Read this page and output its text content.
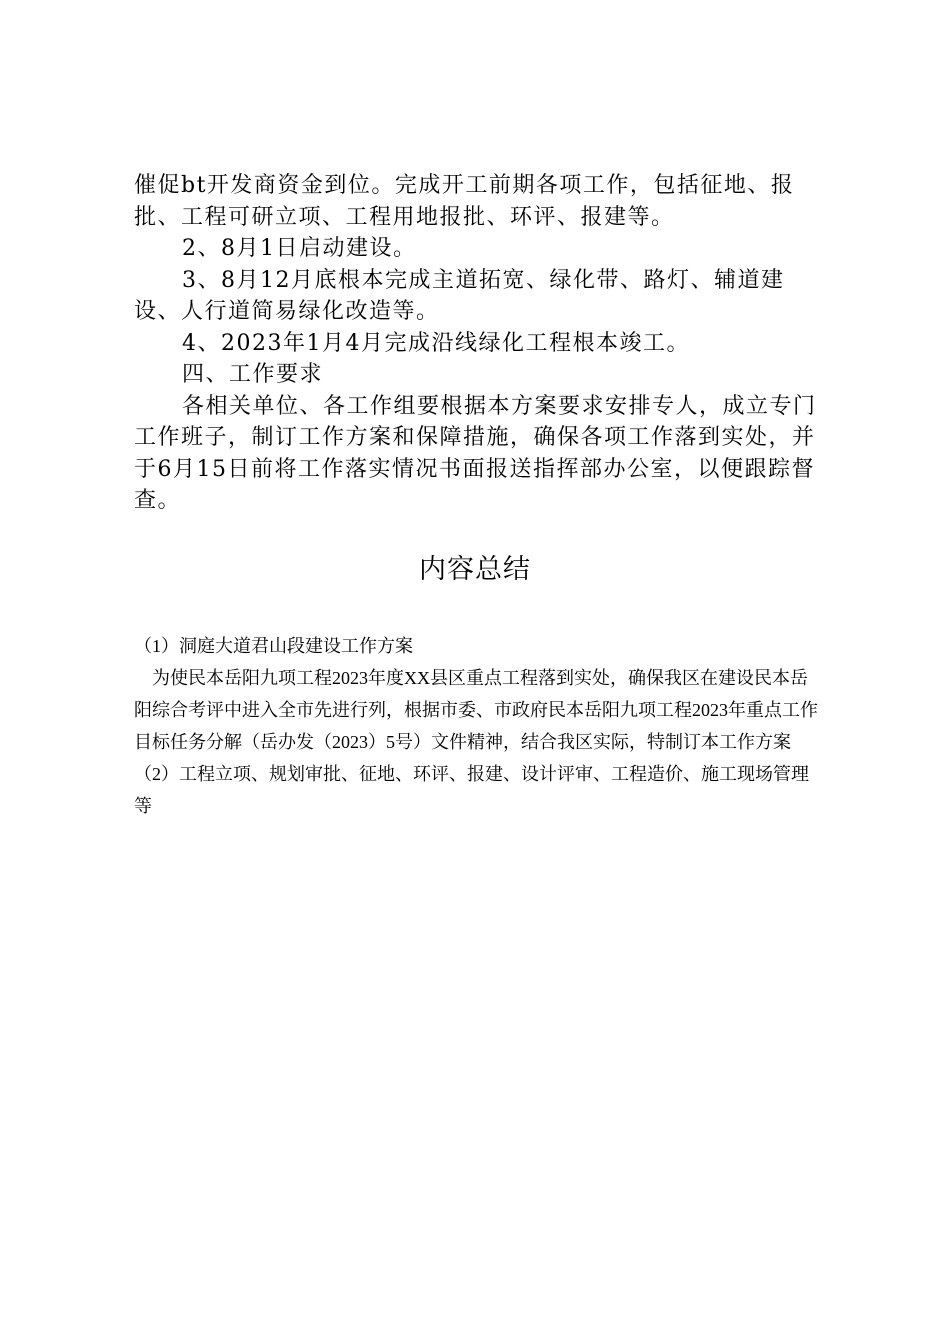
催促bt开发商资金到位。完成开工前期各项工作，包括征地、报批、工程可研立项、工程用地报批、环评、报建等。

2、8月1日启动建设。

3、8月12月底根本完成主道拓宽、绿化带、路灯、辅道建设、人行道简易绿化改造等。

4、2023年1月4月完成沿线绿化工程根本竣工。

四、工作要求

各相关单位、各工作组要根据本方案要求安排专人，成立专门工作班子，制订工作方案和保障措施，确保各项工作落到实处，并于6月15日前将工作落实情况书面报送指挥部办公室，以便跟踪督查。

内容总结

（1）洞庭大道君山段建设工作方案

为使民本岳阳九项工程2023年度XX县区重点工程落到实处，确保我区在建设民本岳阳综合考评中进入全市先进行列，根据市委、市政府民本岳阳九项工程2023年重点工作目标任务分解（岳办发（2023）5号）文件精神，结合我区实际，特制订本工作方案

（2）工程立项、规划审批、征地、环评、报建、设计评审、工程造价、施工现场管理等
